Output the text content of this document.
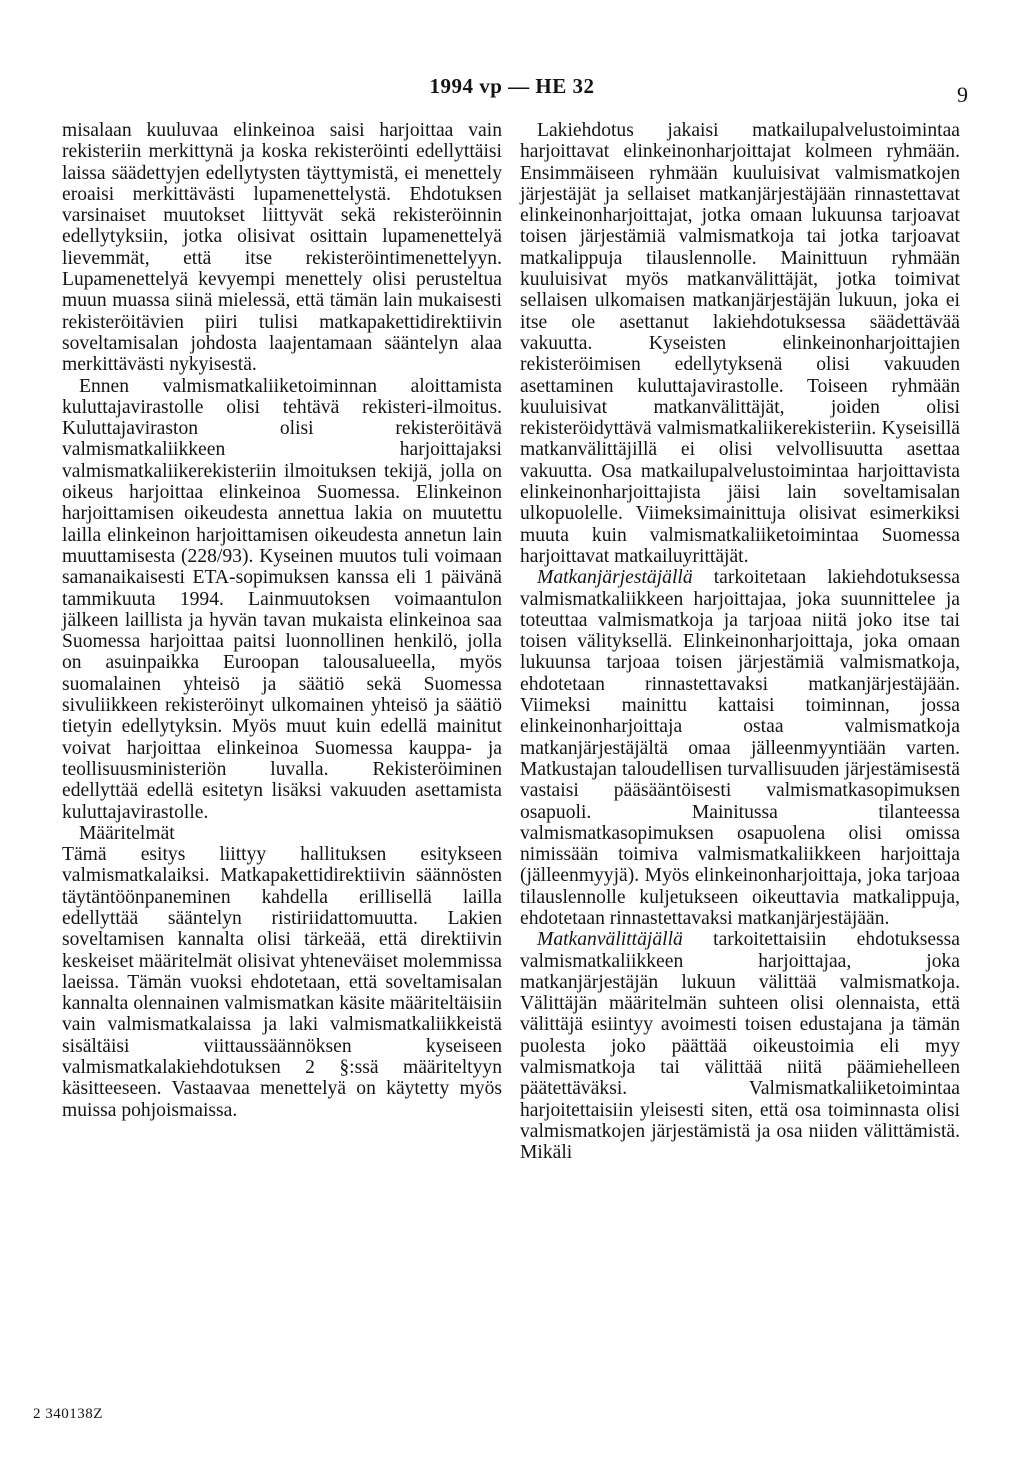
1994 vp — HE 32	9

misalaan kuuluvaa elinkeinoa saisi harjoittaa vain rekisteriin merkittynä ja koska rekisteröinti edellyttäisi laissa säädettyjen edellytysten täyttymistä, ei menettely eroaisi merkittävästi lupamenettelystä. Ehdotuksen varsinaiset muutokset liittyvät sekä rekisteröinnin edellytyksiin, jotka olisivat osittain lupamenettelyä lievemmät, että itse rekisteröintimenettelyyn. Lupamenettelyä kevyempi menettely olisi perusteltua muun muassa siinä mielessä, että tämän lain mukaisesti rekisteröitävien piiri tulisi matkapakettidirektiivin soveltamisalan johdosta laajentamaan sääntelyn alaa merkittävästi nykyisestä.

Ennen valmismatkaliiketoiminnan aloittamista kuluttajavirastolle olisi tehtävä rekisteri-ilmoitus. Kuluttajaviraston olisi rekisteröitävä valmismatkaliikkeen harjoittajaksi valmismatkaliikerekisteriin ilmoituksen tekijä, jolla on oikeus harjoittaa elinkeinoa Suomessa. Elinkeinon harjoittamisen oikeudesta annettua lakia on muutettu lailla elinkeinon harjoittamisen oikeudesta annetun lain muuttamisesta (228/93). Kyseinen muutos tuli voimaan samanaikaisesti ETA-sopimuksen kanssa eli 1 päivänä tammikuuta 1994. Lainmuutoksen voimaantulon jälkeen laillista ja hyvän tavan mukaista elinkeinoa saa Suomessa harjoittaa paitsi luonnollinen henkilö, jolla on asuinpaikka Euroopan talousalueella, myös suomalainen yhteisö ja säätiö sekä Suomessa sivuliikkeen rekisteröinyt ulkomainen yhteisö ja säätiö tietyin edellytyksin. Myös muut kuin edellä mainitut voivat harjoittaa elinkeinoa Suomessa kauppa- ja teollisuusministeriön luvalla. Rekisteröiminen edellyttää edellä esitetyn lisäksi vakuuden asettamista kuluttajavirastolle.

Määritelmät

Tämä esitys liittyy hallituksen esitykseen valmismatkalaiksi. Matkapakettidirektiivin säännösten täytäntöönpaneminen kahdella erillisellä lailla edellyttää sääntelyn ristiriidattomuutta. Lakien soveltamisen kannalta olisi tärkeää, että direktiivin keskeiset määritelmät olisivat yhteneväiset molemmissa laeissa. Tämän vuoksi ehdotetaan, että soveltamisalan kannalta olennainen valmismatkan käsite määriteltäisiin vain valmismatkalaissa ja laki valmismatkaliikkeistä sisältäisi viittaussäännöksen kyseiseen valmismatkalakiehdotuksen 2 §:ssä määriteltyyn käsitteeseen. Vastaavaa menettelyä on käytetty myös muissa pohjoismaissa.

Lakiehdotus jakaisi matkailupalvelustoimintaa harjoittavat elinkeinonharjoittajat kolmeen ryhmään. Ensimmäiseen ryhmään kuuluisivat valmismatkojen järjestäjät ja sellaiset matkanjärjestäjään rinnastettavat elinkeinonharjoittajat, jotka omaan lukuunsa tarjoavat toisen järjestämiä valmismatkoja tai jotka tarjoavat matkalippuja tilauslennolle. Mainittuun ryhmään kuuluisivat myös matkanvälittäjät, jotka toimivat sellaisen ulkomaisen matkanjärjestäjän lukuun, joka ei itse ole asettanut lakiehdotuksessa säädettävää vakuutta. Kyseisten elinkeinonharjoittajien rekisteröimisen edellytyksenä olisi vakuuden asettaminen kuluttajavirastolle. Toiseen ryhmään kuuluisivat matkanvälittäjät, joiden olisi rekisteröidyttävä valmismatkaliikerekisteriin. Kyseisillä matkanvälittäjillä ei olisi velvollisuutta asettaa vakuutta. Osa matkailupalvelustoimintaa harjoittavista elinkeinonharjoittajista jäisi lain soveltamisalan ulkopuolelle. Viimeksimainittuja olisivat esimerkiksi muuta kuin valmismatkaliiketoimintaa Suomessa harjoittavat matkailuyrittäjät.

Matkanjärjestäjällä tarkoitetaan lakiehdotuksessa valmismatkaliikkeen harjoittajaa, joka suunnittelee ja toteuttaa valmismatkoja ja tarjoaa niitä joko itse tai toisen välityksellä. Elinkeinonharjoittaja, joka omaan lukuunsa tarjoaa toisen järjestämiä valmismatkoja, ehdotetaan rinnastettavaksi matkanjärjestäjään. Viimeksi mainittu kattaisi toiminnan, jossa elinkeinonharjoittaja ostaa valmismatkoja matkanjärjestäjältä omaa jälleenmyyntiään varten. Matkustajan taloudellisen turvallisuuden järjestämisestä vastaisi pääsääntöisesti valmismatkasopimuksen osapuoli. Mainitussa tilanteessa valmismatkasopimuksen osapuolena olisi omissa nimissään toimiva valmismatkaliikkeen harjoittaja (jälleenmyyjä). Myös elinkeinonharjoittaja, joka tarjoaa tilauslennolle kuljetukseen oikeuttavia matkalippuja, ehdotetaan rinnastettavaksi matkanjärjestäjään.

Matkanvälittäjällä tarkoitettaisiin ehdotuksessa valmismatkaliikkeen harjoittajaa, joka matkanjärjestäjän lukuun välittää valmismatkoja. Välittäjän määritelmän suhteen olisi olennaista, että välittäjä esiintyy avoimesti toisen edustajana ja tämän puolesta joko päättää oikeustoimia eli myy valmismatkoja tai välittää niitä päämiehelleen päätettäväksi. Valmismatkaliiketoimintaa harjoitettaisiin yleisesti siten, että osa toiminnasta olisi valmismatkojen järjestämistä ja osa niiden välittämistä. Mikäli

2 340138Z
